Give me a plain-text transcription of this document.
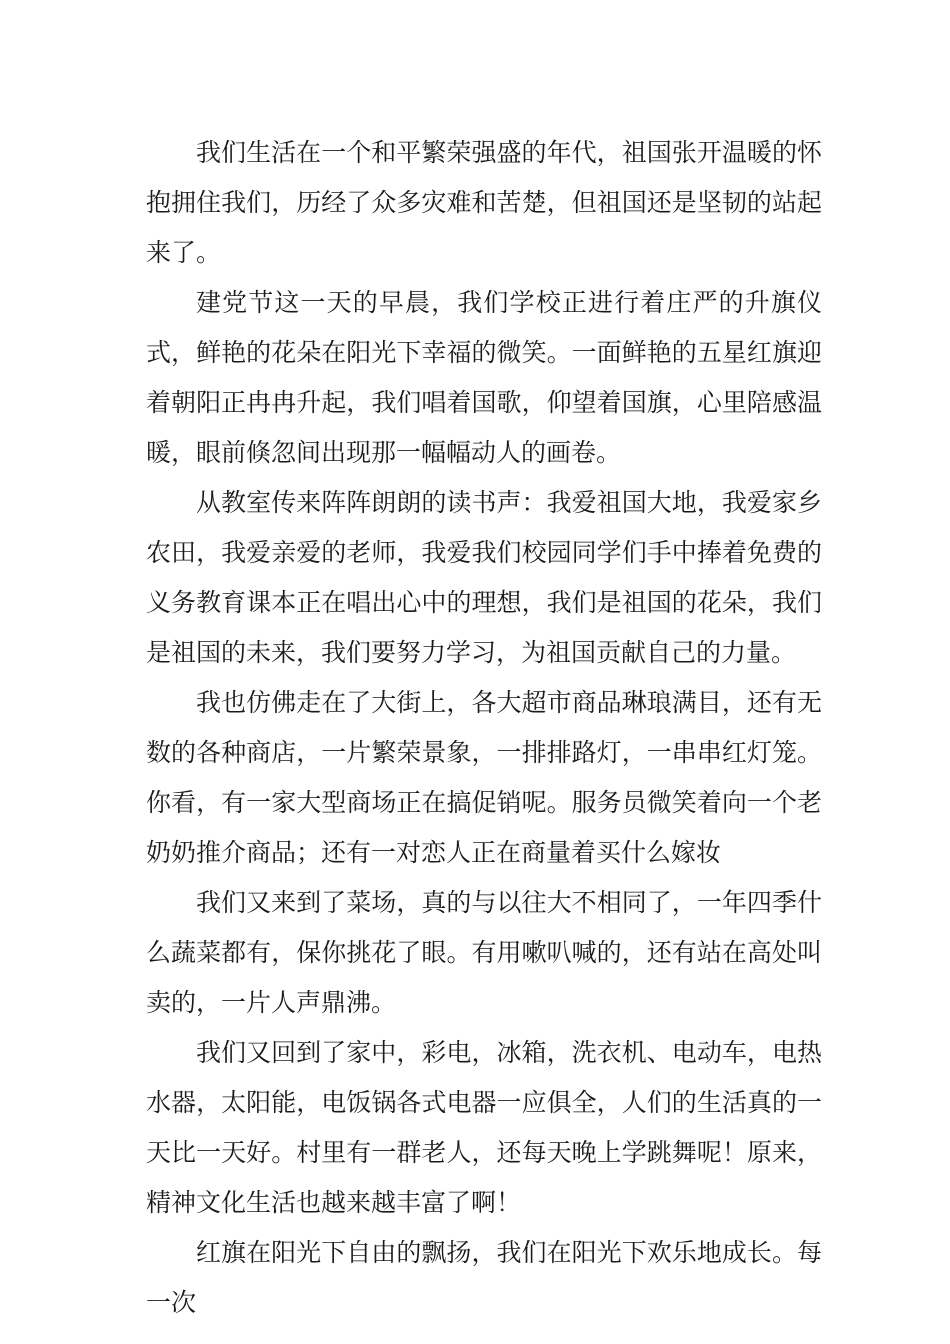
我们生活在一个和平繁荣强盛的年代，祖国张开温暖的怀抱拥住我们，历经了众多灾难和苦楚，但祖国还是坚韧的站起来了。

建党节这一天的早晨，我们学校正进行着庄严的升旗仪式，鲜艳的花朵在阳光下幸福的微笑。一面鲜艳的五星红旗迎着朝阳正冉冉升起，我们唱着国歌，仰望着国旗，心里陪感温暖，眼前倏忽间出现那一幅幅动人的画卷。

从教室传来阵阵朗朗的读书声：我爱祖国大地，我爱家乡农田，我爱亲爱的老师，我爱我们校园同学们手中捧着免费的义务教育课本正在唱出心中的理想，我们是祖国的花朵，我们是祖国的未来，我们要努力学习，为祖国贡献自己的力量。

我也仿佛走在了大街上，各大超市商品琳琅满目，还有无数的各种商店，一片繁荣景象，一排排路灯，一串串红灯笼。你看，有一家大型商场正在搞促销呢。服务员微笑着向一个老奶奶推介商品；还有一对恋人正在商量着买什么嫁妆

我们又来到了菜场，真的与以往大不相同了，一年四季什么蔬菜都有，保你挑花了眼。有用嗽叭喊的，还有站在高处叫卖的，一片人声鼎沸。

我们又回到了家中，彩电，冰箱，洗衣机、电动车，电热水器，太阳能，电饭锅各式电器一应俱全，人们的生活真的一天比一天好。村里有一群老人，还每天晚上学跳舞呢！原来，精神文化生活也越来越丰富了啊！

红旗在阳光下自由的飘扬，我们在阳光下欢乐地成长。每一次
